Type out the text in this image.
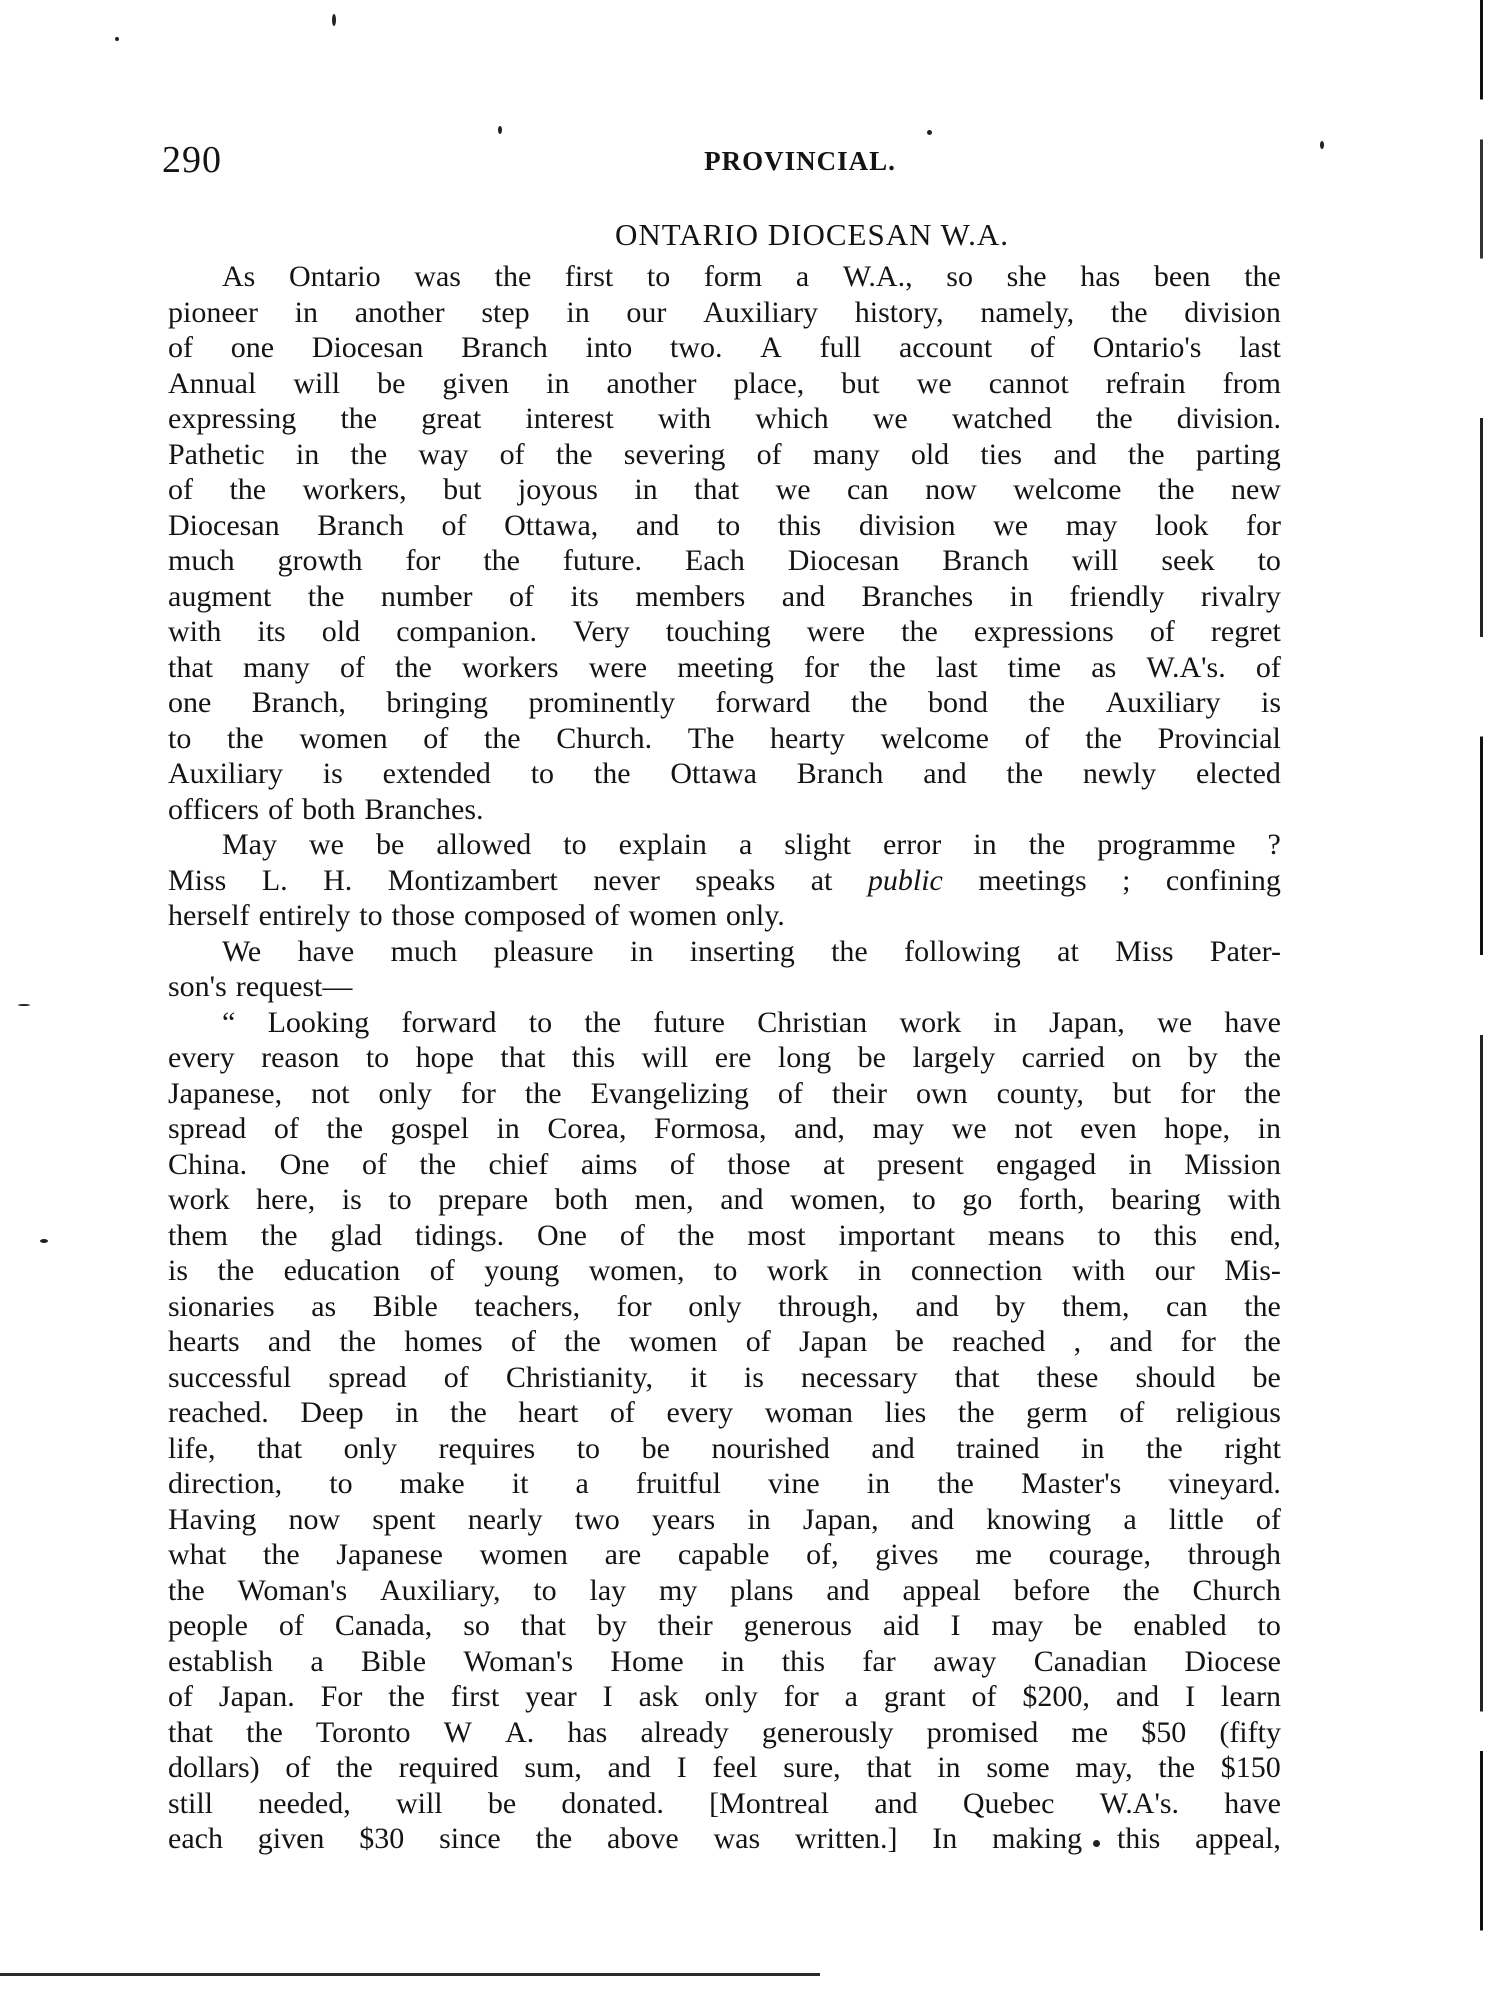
290	PROVINCIAL.
ONTARIO DIOCESAN W.A.
As Ontario was the first to form a W.A., so she has been the
pioneer in another step in our Auxiliary history, namely, the division
of one Diocesan Branch into two. A full account of Ontario's last
Annual will be given in another place, but we cannot refrain from
expressing the great interest with which we watched the division.
Pathetic in the way of the severing of many old ties and the parting
of the workers, but joyous in that we can now welcome the new
Diocesan Branch of Ottawa, and to this division we may look for
much growth for the future. Each Diocesan Branch will seek to
augment the number of its members and Branches in friendly rivalry
with its old companion. Very touching were the expressions of regret
that many of the workers were meeting for the last time as W.A's. of
one Branch, bringing prominently forward the bond the Auxiliary is
to the women of the Church. The hearty welcome of the Provincial
Auxiliary is extended to the Ottawa Branch and the newly elected
officers of both Branches.
May we be allowed to explain a slight error in the programme ?
Miss L. H. Montizambert never speaks at public meetings ; confining
herself entirely to those composed of women only.
We have much pleasure in inserting the following at Miss Pater-
son's request—
“ Looking forward to the future Christian work in Japan, we have
every reason to hope that this will ere long be largely carried on by the
Japanese, not only for the Evangelizing of their own county, but for the
spread of the gospel in Corea, Formosa, and, may we not even hope, in
China. One of the chief aims of those at present engaged in Mission
work here, is to prepare both men, and women, to go forth, bearing with
them the glad tidings. One of the most important means to this end,
is the education of young women, to work in connection with our Mis-
sionaries as Bible teachers, for only through, and by them, can the
hearts and the homes of the women of Japan be reached , and for the
successful spread of Christianity, it is necessary that these should be
reached. Deep in the heart of every woman lies the germ of religious
life, that only requires to be nourished and trained in the right
direction, to make it a fruitful vine in the Master's vineyard.
Having now spent nearly two years in Japan, and knowing a little of
what the Japanese women are capable of, gives me courage, through
the Woman's Auxiliary, to lay my plans and appeal before the Church
people of Canada, so that by their generous aid I may be enabled to
establish a Bible Woman's Home in this far away Canadian Diocese
of Japan. For the first year I ask only for a grant of $200, and I learn
that the Toronto W A. has already generously promised me $50 (fifty
dollars) of the required sum, and I feel sure, that in some may, the $150
still needed, will be donated. [Montreal and Quebec W.A's. have
each given $30 since the above was written.] In making this appeal,
